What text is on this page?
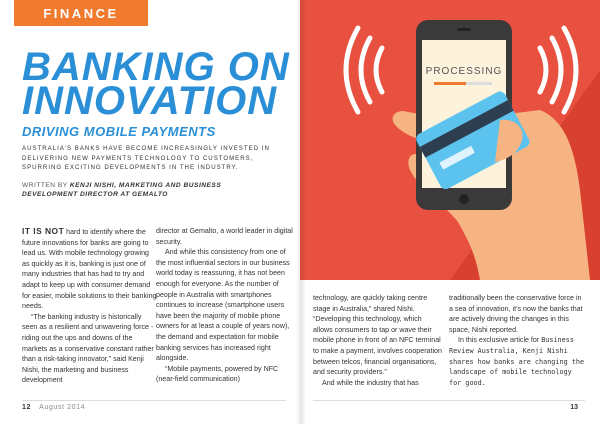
FINANCE
BANKING ON
INNOVATION
DRIVING MOBILE PAYMENTS
AUSTRALIA'S BANKS HAVE BECOME INCREASINGLY INVESTED IN DELIVERING NEW PAYMENTS TECHNOLOGY TO CUSTOMERS, SPURRING EXCITING DEVELOPMENTS IN THE INDUSTRY.
WRITTEN BY KENJI NISHI, MARKETING AND BUSINESS DEVELOPMENT DIRECTOR AT GEMALTO

IT IS NOT hard to identify where the future innovations for banks are going to lead us. With mobile technology growing as quickly as it is, banking is just one of many industries that has had to try and adapt to keep up with consumer demand for easier, mobile solutions to their banking needs.

“The banking industry is historically seen as a resilient and unwavering force - riding out the ups and downs of the markets as a conservative constant rather than a risk-taking innovator,” said Kenji Nishi, the marketing and business development

director at Gemalto, a world leader in digital security.

And while this consistency from one of the most influential sectors in our business world today is reassuring, it has not been enough for everyone. As the number of people in Australia with smartphones continues to increase (smartphone users have been the majority of mobile phone owners for at least a couple of years now), the demand and expectation for mobile banking services has increased right alongside.

“Mobile payments, powered by NFC (near-field communication)

12 August 2014	13
PROCESSING

technology, are quickly taking centre stage in Australia,” shared Nishi. “Developing this technology, which allows consumers to tap or wave their mobile phone in front of an NFC terminal to make a payment, involves cooperation between telcos, financial organisations, and security providers.”

And while the industry that has

traditionally been the conservative force in a sea of innovation, it’s now the banks that are actively driving the changes in this space, Nishi reported.

In this exclusive article for Business Review Australia, Kenji Nishi shares how banks are changing the landscape of mobile technology for good.
